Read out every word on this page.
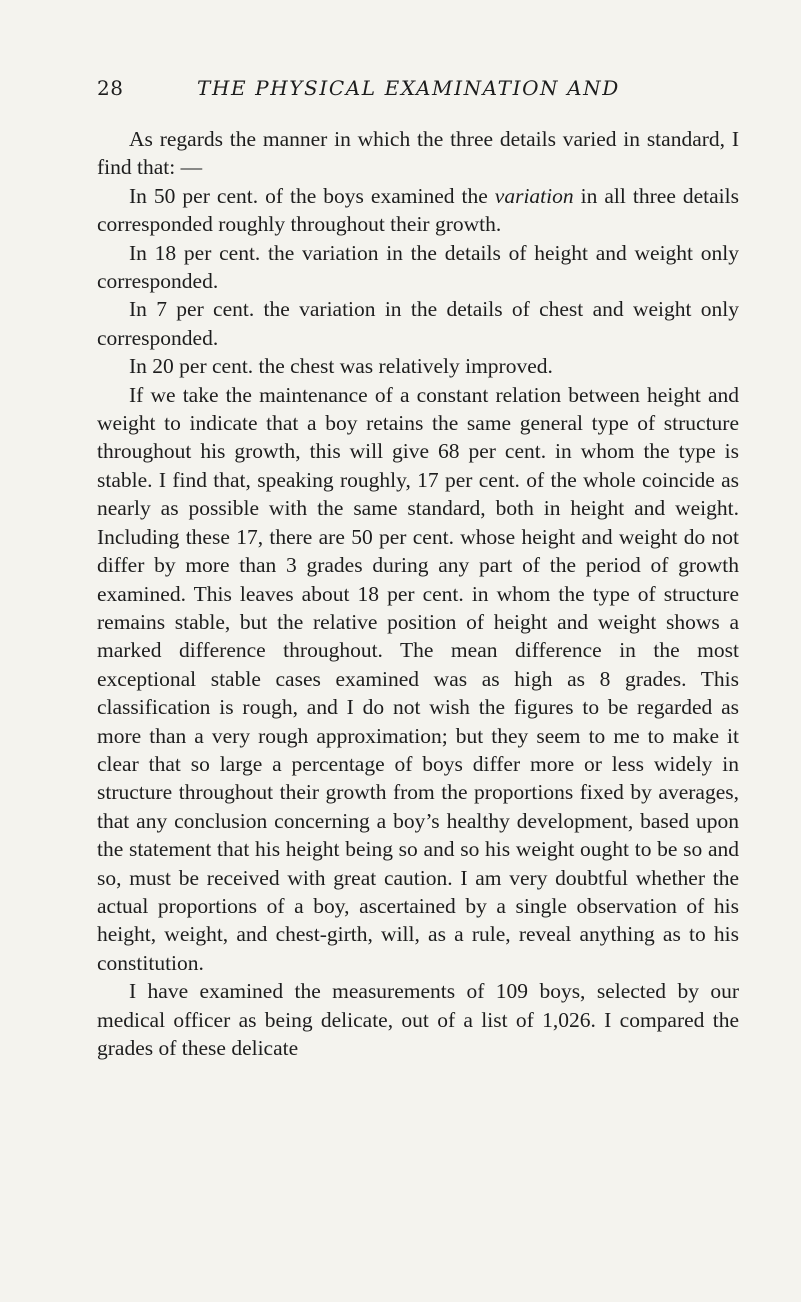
28	THE PHYSICAL EXAMINATION AND

As regards the manner in which the three details varied in standard, I find that: —

In 50 per cent. of the boys examined the variation in all three details corresponded roughly throughout their growth.

In 18 per cent. the variation in the details of height and weight only corresponded.

In 7 per cent. the variation in the details of chest and weight only corresponded.

In 20 per cent. the chest was relatively improved.

If we take the maintenance of a constant relation between height and weight to indicate that a boy retains the same general type of structure throughout his growth, this will give 68 per cent. in whom the type is stable. I find that, speaking roughly, 17 per cent. of the whole coincide as nearly as possible with the same standard, both in height and weight. Including these 17, there are 50 per cent. whose height and weight do not differ by more than 3 grades during any part of the period of growth examined. This leaves about 18 per cent. in whom the type of structure remains stable, but the relative position of height and weight shows a marked difference throughout. The mean difference in the most exceptional stable cases examined was as high as 8 grades. This classification is rough, and I do not wish the figures to be regarded as more than a very rough approximation; but they seem to me to make it clear that so large a percentage of boys differ more or less widely in structure throughout their growth from the proportions fixed by averages, that any conclusion concerning a boy’s healthy development, based upon the statement that his height being so and so his weight ought to be so and so, must be received with great caution. I am very doubtful whether the actual proportions of a boy, ascertained by a single observation of his height, weight, and chest-girth, will, as a rule, reveal anything as to his constitution.

I have examined the measurements of 109 boys, selected by our medical officer as being delicate, out of a list of 1,026. I compared the grades of these delicate
